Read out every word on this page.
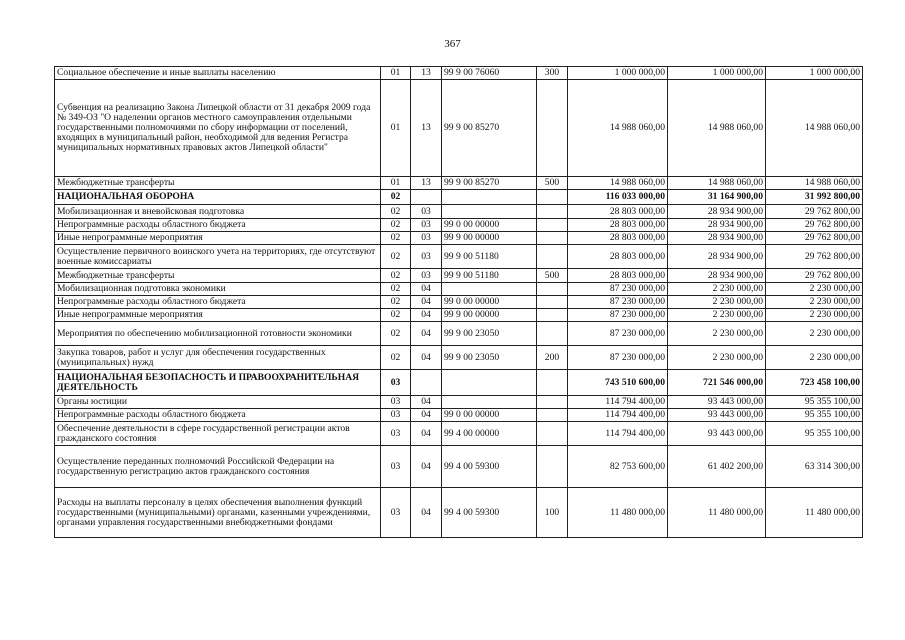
367
Социальное обеспечение и иные выплаты населению	01	13	99 9 00 76060	300	1 000 000,00	1 000 000,00	1 000 000,00
Субвенция на реализацию Закона Липецкой области от 31 декабря 2009 года № 349-ОЗ "О наделении органов местного самоуправления отдельными государственными полномочиями по сбору информации от поселений, входящих в муниципальный район, необходимой для ведения Регистра муниципальных нормативных правовых актов Липецкой области"	01	13	99 9 00 85270		14 988 060,00	14 988 060,00	14 988 060,00
Межбюджетные трансферты	01	13	99 9 00 85270	500	14 988 060,00	14 988 060,00	14 988 060,00
НАЦИОНАЛЬНАЯ ОБОРОНА	02				116 033 000,00	31 164 900,00	31 992 800,00
Мобилизационная и вневойсковая подготовка	02	03			28 803 000,00	28 934 900,00	29 762 800,00
Непрограммные расходы областного бюджета	02	03	99 0 00 00000		28 803 000,00	28 934 900,00	29 762 800,00
Иные непрограммные мероприятия	02	03	99 9 00 00000		28 803 000,00	28 934 900,00	29 762 800,00
Осуществление первичного воинского учета на территориях, где отсутствуют военные комиссариаты	02	03	99 9 00 51180		28 803 000,00	28 934 900,00	29 762 800,00
Межбюджетные трансферты	02	03	99 9 00 51180	500	28 803 000,00	28 934 900,00	29 762 800,00
Мобилизационная подготовка экономики	02	04			87 230 000,00	2 230 000,00	2 230 000,00
Непрограммные расходы областного бюджета	02	04	99 0 00 00000		87 230 000,00	2 230 000,00	2 230 000,00
Иные непрограммные мероприятия	02	04	99 9 00 00000		87 230 000,00	2 230 000,00	2 230 000,00
Мероприятия по обеспечению мобилизационной готовности экономики	02	04	99 9 00 23050		87 230 000,00	2 230 000,00	2 230 000,00
Закупка товаров, работ и услуг для обеспечения государственных (муниципальных) нужд	02	04	99 9 00 23050	200	87 230 000,00	2 230 000,00	2 230 000,00
НАЦИОНАЛЬНАЯ БЕЗОПАСНОСТЬ И ПРАВООХРАНИТЕЛЬНАЯ ДЕЯТЕЛЬНОСТЬ	03				743 510 600,00	721 546 000,00	723 458 100,00
Органы юстиции	03	04			114 794 400,00	93 443 000,00	95 355 100,00
Непрограммные расходы областного бюджета	03	04	99 0 00 00000		114 794 400,00	93 443 000,00	95 355 100,00
Обеспечение деятельности в сфере государственной регистрации актов гражданского состояния	03	04	99 4 00 00000		114 794 400,00	93 443 000,00	95 355 100,00
Осуществление переданных полномочий Российской Федерации на государственную регистрацию актов гражданского состояния	03	04	99 4 00 59300		82 753 600,00	61 402 200,00	63 314 300,00
Расходы на выплаты персоналу в целях обеспечения выполнения функций государственными (муниципальными) органами, казенными учреждениями, органами управления государственными внебюджетными фондами	03	04	99 4 00 59300	100	11 480 000,00	11 480 000,00	11 480 000,00
